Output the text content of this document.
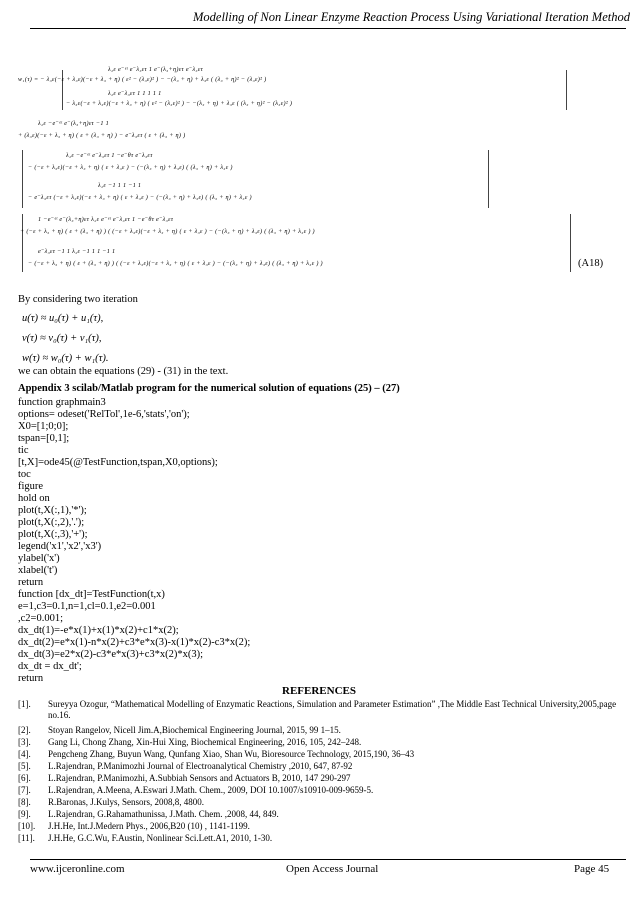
Modelling of Non Linear Enzyme Reaction Process Using Variational Iteration Method
λ₂ε e⁻ᵉᵗ e⁻λ₃ετ 1 e⁻(λ₃+η)ετ e⁻λ₃ετ
w₁(τ) = − λ₃ε(−ε + λ₃ε)(−ε + λ₃ + η) ( ε² − (λ₃ε)² ) − −(λ₃ + η) + λ₃ε ( (λ₃ + η)² − (λ₃ε)² )
λ₂ε e⁻λ₃ετ 1 1 1 1 1
− λ₃ε(−ε + λ₃ε)(−ε + λ₃ + η) ( ε² − (λ₃ε)² ) − −(λ₃ + η) + λ₃ε ( (λ₃ + η)² − (λ₃ε)² )
λ₂ε −e⁻ᵉᵗ e⁻(λ₃+η)ετ −1 1
+ (λ₃ε)(−ε + λ₃ + η) ( ε + (λ₃ + η) ) − e⁻λ₃ετ ( ε + (λ₃ + η) )
λ₂ε −e⁻ᵉᵗ e⁻λ₃ετ 1 −e⁻θτ e⁻λ₃ετ
− (−ε + λ₃ε)(−ε + λ₃ + η) ( ε + λ₃ε ) − (−(λ₃ + η) + λ₃ε) ( (λ₃ + η) + λ₃ε )
λ₂ε −1 1 1 −1 1
− e⁻λ₃ετ (−ε + λ₃ε)(−ε + λ₃ + η) ( ε + λ₃ε ) − (−(λ₃ + η) + λ₃ε) ( (λ₃ + η) + λ₃ε )
1 −e⁻ᵉᵗ e⁻(λ₃+η)ετ λ₂ε e⁻ᵉᵗ e⁻λ₃ετ 1 −e⁻θτ e⁻λ₃ετ
+ (−ε + λ₃ + η) ( ε + (λ₃ + η) ) ( (−ε + λ₃ε)(−ε + λ₃ + η) ( ε + λ₃ε ) − (−(λ₃ + η) + λ₃ε) ( (λ₃ + η) + λ₃ε ) )
e⁻λ₃ετ −1 1 λ₂ε −1 1 1 −1 1
− (−ε + λ₃ + η) ( ε + (λ₃ + η) ) ( (−ε + λ₃ε)(−ε + λ₃ + η) ( ε + λ₃ε ) − (−(λ₃ + η) + λ₃ε) ( (λ₃ + η) + λ₃ε ) )	(A18)
By considering two iteration
u(τ) ≈ u₀(τ) + u₁(τ),
v(τ) ≈ v₀(τ) + v₁(τ),
w(τ) ≈ w₀(τ) + w₁(τ).
we can obtain the equations (29) - (31) in the text.
Appendix 3 scilab/Matlab program for the numerical solution of equations (25) – (27)
function graphmain3
options= odeset('RelTol',1e-6,'stats','on');
X0=[1;0;0];
tspan=[0,1];
tic
[t,X]=ode45(@TestFunction,tspan,X0,options);
toc
figure
hold on
plot(t,X(:,1),'*');
plot(t,X(:,2),'.');
plot(t,X(:,3),'+');
legend('x1','x2','x3')
ylabel('x')
xlabel('t')
return
function [dx_dt]=TestFunction(t,x)
e=1,c3=0.1,n=1,cl=0.1,e2=0.001
,c2=0.001;
dx_dt(1)=-e*x(1)+x(1)*x(2)+c1*x(2);
dx_dt(2)=e*x(1)-n*x(2)+c3*e*x(3)-x(1)*x(2)-c3*x(2);
dx_dt(3)=e2*x(2)-c3*e*x(3)+c3*x(2)*x(3);
dx_dt = dx_dt';
return
REFERENCES
[1]. Sureyya Ozogur, “Mathematical Modelling of Enzymatic Reactions, Simulation and Parameter Estimation” ,The Middle East Technical University,2005,page no.16.
[2]. Stoyan Rangelov, Nicell Jim.A,Biochemical Engineering Journal, 2015, 99 1–15.
[3]. Gang Li, Chong Zhang, Xin-Hui Xing, Biochemical Engineering, 2016, 105, 242–248.
[4]. Pengcheng Zhang, Buyun Wang, Qunfang Xiao, Shan Wu, Bioresource Technology, 2015,190, 36–43
[5]. L.Rajendran, P.Manimozhi Journal of Electroanalytical Chemistry ,2010, 647, 87-92
[6]. L.Rajendran, P.Manimozhi, A.Subbiah Sensors and Actuators B, 2010, 147 290-297
[7]. L.Rajendran, A.Meena, A.Eswari J.Math. Chem., 2009, DOI 10.1007/s10910-009-9659-5.
[8]. R.Baronas, J.Kulys, Sensors, 2008,8, 4800.
[9]. L.Rajendran, G.Rahamathunissa, J.Math. Chem. ,2008, 44, 849.
[10]. J.H.He, Int.J.Medern Phys., 2006,B20 (10) , 1141-1199.
[11]. J.H.He, G.C.Wu, F.Austin, Nonlinear Sci.Lett.A1, 2010, 1-30.
www.ijceronline.com	Open Access Journal	Page 45
